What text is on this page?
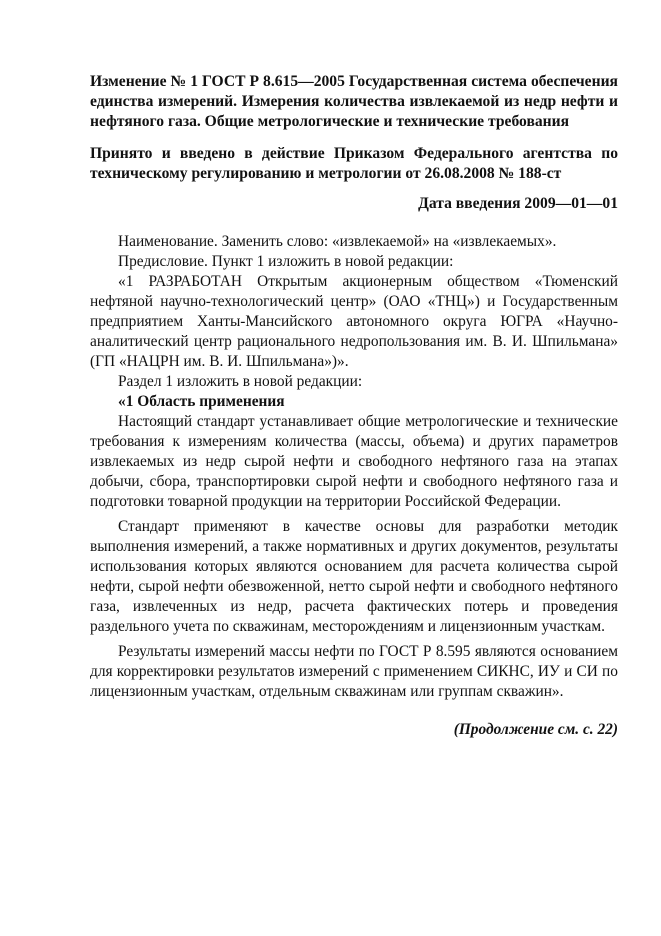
Изменение № 1 ГОСТ Р 8.615—2005 Государственная система обеспечения единства измерений. Измерения количества извлекаемой из недр нефти и нефтяного газа. Общие метрологические и технические требования

Принято и введено в действие Приказом Федерального агентства по техническому регулированию и метрологии от 26.08.2008 № 188-ст

Дата введения 2009—01—01

Наименование. Заменить слово: «извлекаемой» на «извлекаемых».

Предисловие. Пункт 1 изложить в новой редакции:

«1 РАЗРАБОТАН Открытым акционерным обществом «Тюменский нефтяной научно-технологический центр» (ОАО «ТНЦ») и Государственным предприятием Ханты-Мансийского автономного округа ЮГРА «Научно-аналитический центр рационального недропользования им. В. И. Шпильмана» (ГП «НАЦРН им. В. И. Шпильмана»)».

Раздел 1 изложить в новой редакции:

«1 Область применения

Настоящий стандарт устанавливает общие метрологические и технические требования к измерениям количества (массы, объема) и других параметров извлекаемых из недр сырой нефти и свободного нефтяного газа на этапах добычи, сбора, транспортировки сырой нефти и свободного нефтяного газа и подготовки товарной продукции на территории Российской Федерации.

Стандарт применяют в качестве основы для разработки методик выполнения измерений, а также нормативных и других документов, результаты использования которых являются основанием для расчета количества сырой нефти, сырой нефти обезвоженной, нетто сырой нефти и свободного нефтяного газа, извлеченных из недр, расчета фактических потерь и проведения раздельного учета по скважинам, месторождениям и лицензионным участкам.

Результаты измерений массы нефти по ГОСТ Р 8.595 являются основанием для корректировки результатов измерений с применением СИКНС, ИУ и СИ по лицензионным участкам, отдельным скважинам или группам скважин».

(Продолжение см. с. 22)
